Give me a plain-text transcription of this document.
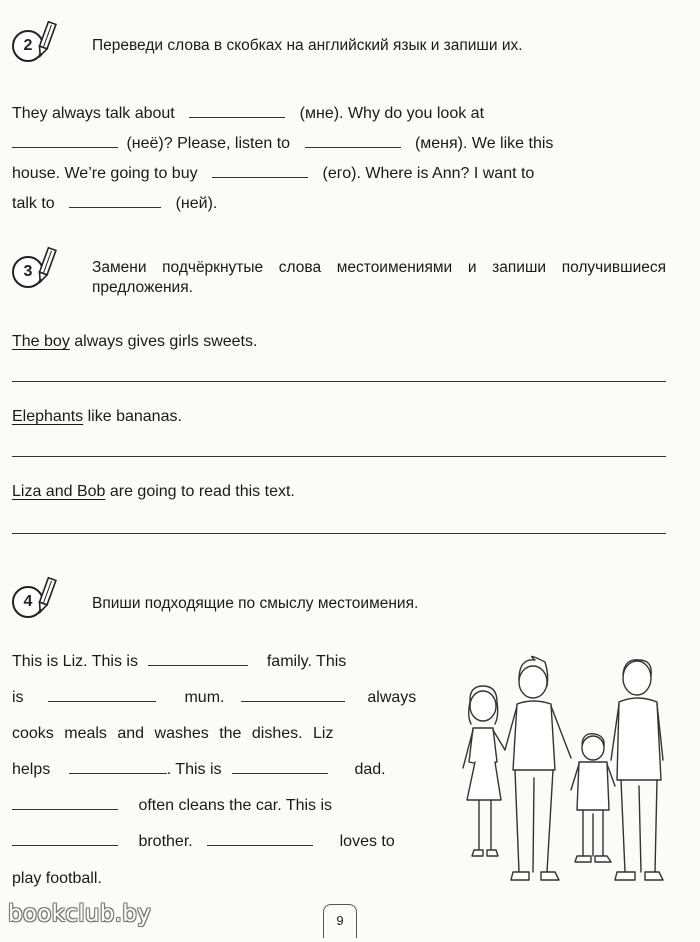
2	Переведи слова в скобках на английский язык и запиши их.
They always talk about	(мне). Why do you look at
(неё)? Please, listen to	(меня). We like this
house. We’re going to buy	(его). Where is Ann? I want to
talk to	(ней).
3	Замени подчёркнутые слова местоимениями и запиши получившиеся предложения.
The boy always gives girls sweets.
Elephants like bananas.
Liza and Bob are going to read this text.
4	Впиши подходящие по смыслу местоимения.
This is Liz. This is	family. This
is	mum.	always
cooks meals and washes the dishes. Liz
helps	. This is	dad.
often cleans the car. This is
brother.	loves to
play football.
9
bookclub.by
